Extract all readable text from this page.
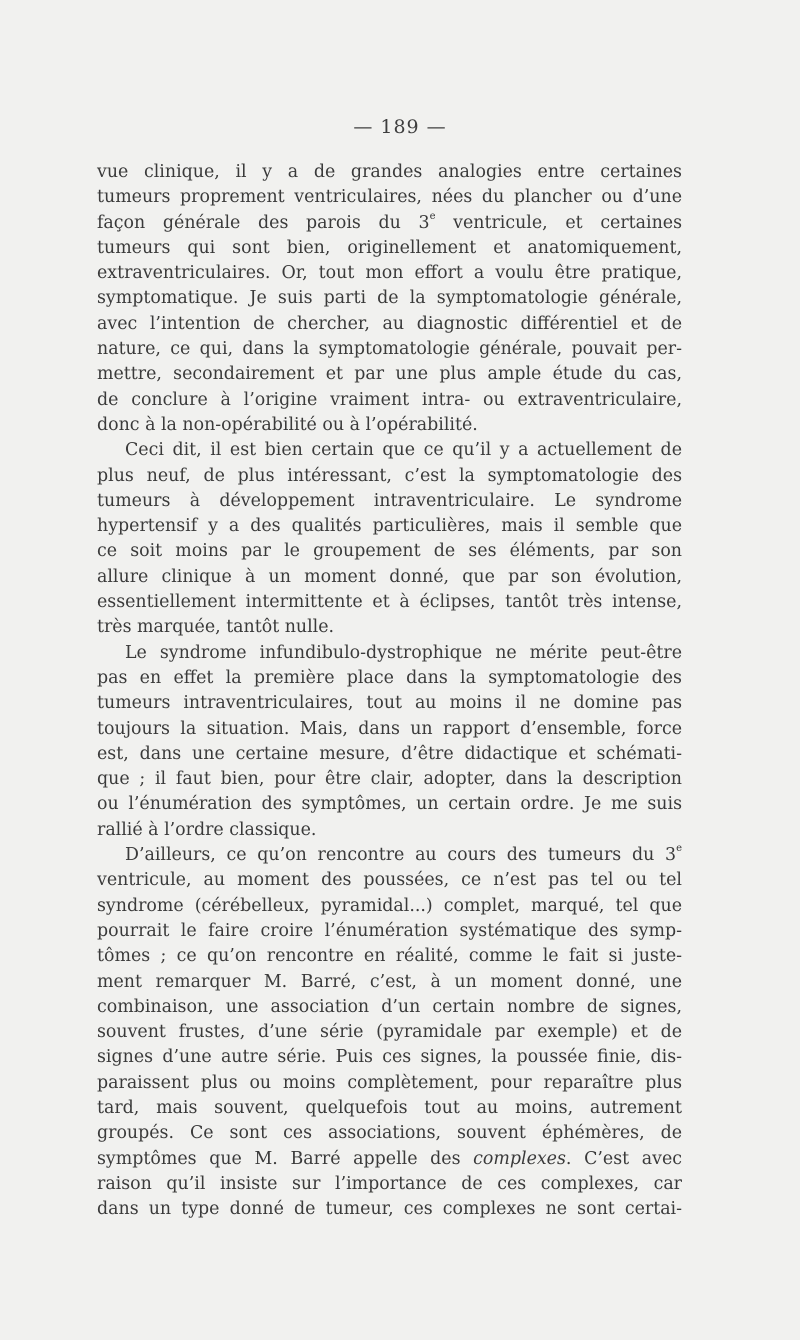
— 189 —
vue clinique, il y a de grandes analogies entre certaines
tumeurs proprement ventriculaires, nées du plancher ou d’une
façon générale des parois du 3e ventricule, et certaines
tumeurs qui sont bien, originellement et anatomiquement,
extraventriculaires. Or, tout mon effort a voulu être pratique,
symptomatique. Je suis parti de la symptomatologie générale,
avec l’intention de chercher, au diagnostic différentiel et de
nature, ce qui, dans la symptomatologie générale, pouvait per-
mettre, secondairement et par une plus ample étude du cas,
de conclure à l’origine vraiment intra- ou extraventriculaire,
donc à la non-opérabilité ou à l’opérabilité.
Ceci dit, il est bien certain que ce qu’il y a actuellement de
plus neuf, de plus intéressant, c’est la symptomatologie des
tumeurs à développement intraventriculaire. Le syndrome
hypertensif y a des qualités particulières, mais il semble que
ce soit moins par le groupement de ses éléments, par son
allure clinique à un moment donné, que par son évolution,
essentiellement intermittente et à éclipses, tantôt très intense,
très marquée, tantôt nulle.
Le syndrome infundibulo-dystrophique ne mérite peut-être
pas en effet la première place dans la symptomatologie des
tumeurs intraventriculaires, tout au moins il ne domine pas
toujours la situation. Mais, dans un rapport d’ensemble, force
est, dans une certaine mesure, d’être didactique et schémati-
que ; il faut bien, pour être clair, adopter, dans la description
ou l’énumération des symptômes, un certain ordre. Je me suis
rallié à l’ordre classique.
D’ailleurs, ce qu’on rencontre au cours des tumeurs du 3e
ventricule, au moment des poussées, ce n’est pas tel ou tel
syndrome (cérébelleux, pyramidal...) complet, marqué, tel que
pourrait le faire croire l’énumération systématique des symp-
tômes ; ce qu’on rencontre en réalité, comme le fait si juste-
ment remarquer M. Barré, c’est, à un moment donné, une
combinaison, une association d’un certain nombre de signes,
souvent frustes, d’une série (pyramidale par exemple) et de
signes d’une autre série. Puis ces signes, la poussée finie, dis-
paraissent plus ou moins complètement, pour reparaître plus
tard, mais souvent, quelquefois tout au moins, autrement
groupés. Ce sont ces associations, souvent éphémères, de
symptômes que M. Barré appelle des complexes. C’est avec
raison qu’il insiste sur l’importance de ces complexes, car
dans un type donné de tumeur, ces complexes ne sont certai-
